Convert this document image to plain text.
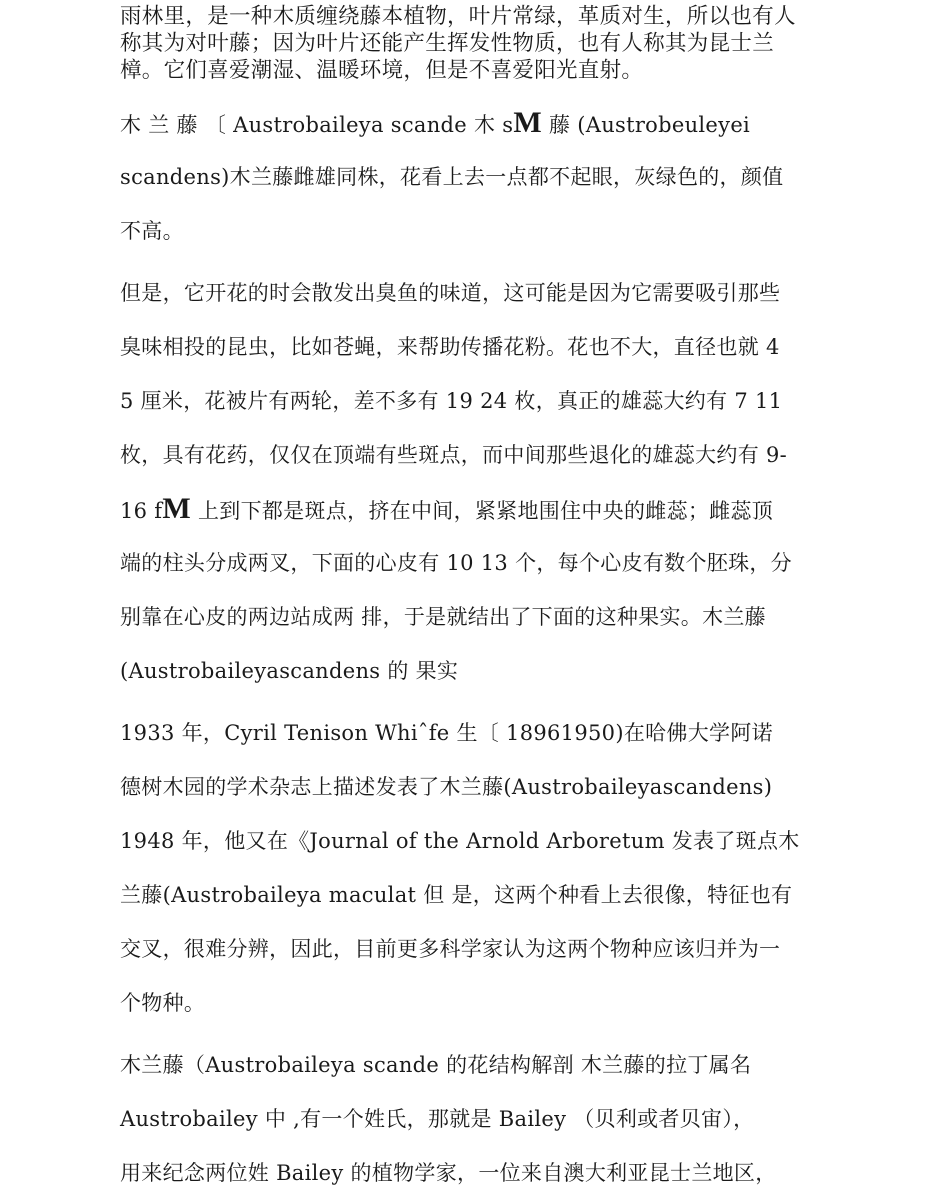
雨林里，是一种木质缠绕藤本植物，叶片常绿，革质对生，所以也有人
称其为对叶藤；因为叶片还能产生挥发性物质，也有人称其为昆士兰
樟。它们喜爱潮湿、温暖环境，但是不喜爱阳光直射。
木 兰 藤 〔 Austrobaileya scande 木 sM 藤 (Austrobeuleyei
scandens)木兰藤雌雄同株，花看上去一点都不起眼，灰绿色的，颜值
不高。
但是，它开花的时会散发出臭鱼的味道，这可能是因为它需要吸引那些
臭味相投的昆虫，比如苍蝇，来帮助传播花粉。花也不大，直径也就 4
5 厘米，花被片有两轮，差不多有 19 24 枚，真正的雄蕊大约有 7 11
枚，具有花药，仅仅在顶端有些斑点，而中间那些退化的雄蕊大约有 9-
16 fM 上到下都是斑点，挤在中间，紧紧地围住中央的雌蕊；雌蕊顶
端的柱头分成两叉，下面的心皮有 10 13 个，每个心皮有数个胚珠，分
别靠在心皮的两边站成两 排，于是就结出了下面的这种果实。木兰藤
(Austrobaileyascandens 的 果实
1933 年，Cyril Tenison Whiˆfe 生〔 18961950)在哈佛大学阿诺
德树木园的学术杂志上描述发表了木兰藤(Austrobaileyascandens)
1948 年，他又在《Journal of the Arnold Arboretum 发表了斑点木
兰藤(Austrobaileya maculat 但 是，这两个种看上去很像，特征也有
交叉，很难分辨，因此，目前更多科学家认为这两个物种应该归并为一
个物种。
木兰藤（Austrobaileya scande 的花结构解剖 木兰藤的拉丁属名
Austrobailey 中 ,有一个姓氏，那就是 Bailey （贝利或者贝宙），
用来纪念两位姓 Bailey 的植物学家，一位来自澳大利亚昆士兰地区，
